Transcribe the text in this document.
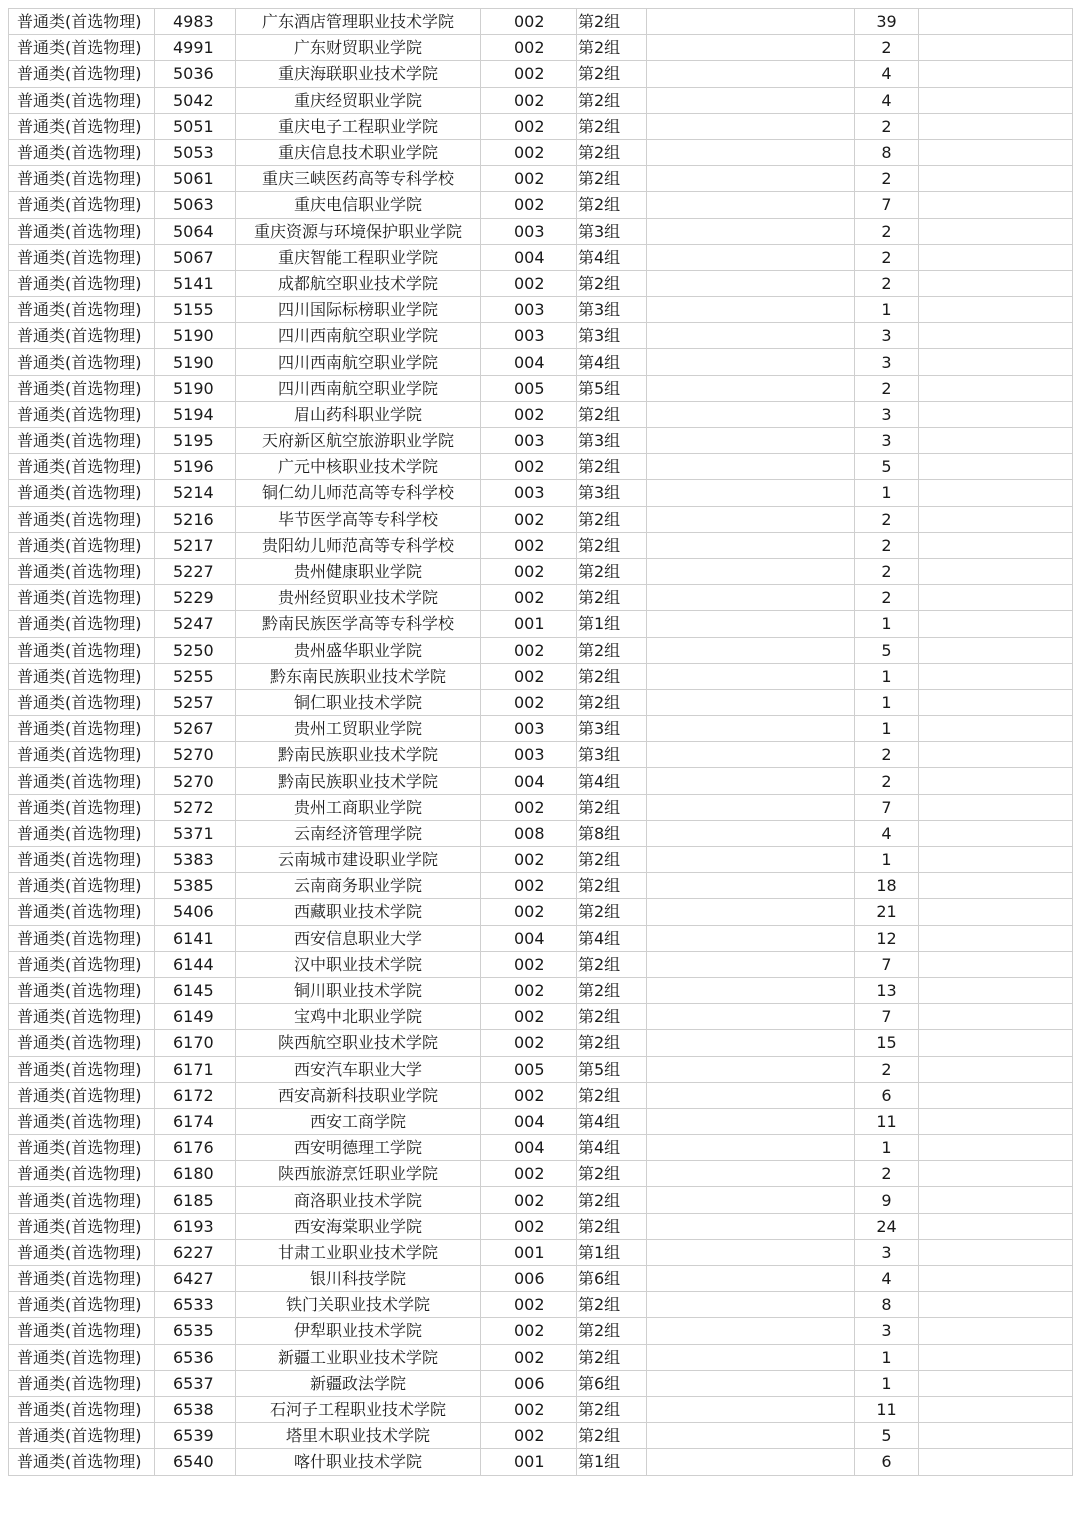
普通类(首选物理)	4983	广东酒店管理职业技术学院	002	第2组		39	
普通类(首选物理)	4991	广东财贸职业学院	002	第2组		2	
普通类(首选物理)	5036	重庆海联职业技术学院	002	第2组		4	
普通类(首选物理)	5042	重庆经贸职业学院	002	第2组		4	
普通类(首选物理)	5051	重庆电子工程职业学院	002	第2组		2	
普通类(首选物理)	5053	重庆信息技术职业学院	002	第2组		8	
普通类(首选物理)	5061	重庆三峡医药高等专科学校	002	第2组		2	
普通类(首选物理)	5063	重庆电信职业学院	002	第2组		7	
普通类(首选物理)	5064	重庆资源与环境保护职业学院	003	第3组		2	
普通类(首选物理)	5067	重庆智能工程职业学院	004	第4组		2	
普通类(首选物理)	5141	成都航空职业技术学院	002	第2组		2	
普通类(首选物理)	5155	四川国际标榜职业学院	003	第3组		1	
普通类(首选物理)	5190	四川西南航空职业学院	003	第3组		3	
普通类(首选物理)	5190	四川西南航空职业学院	004	第4组		3	
普通类(首选物理)	5190	四川西南航空职业学院	005	第5组		2	
普通类(首选物理)	5194	眉山药科职业学院	002	第2组		3	
普通类(首选物理)	5195	天府新区航空旅游职业学院	003	第3组		3	
普通类(首选物理)	5196	广元中核职业技术学院	002	第2组		5	
普通类(首选物理)	5214	铜仁幼儿师范高等专科学校	003	第3组		1	
普通类(首选物理)	5216	毕节医学高等专科学校	002	第2组		2	
普通类(首选物理)	5217	贵阳幼儿师范高等专科学校	002	第2组		2	
普通类(首选物理)	5227	贵州健康职业学院	002	第2组		2	
普通类(首选物理)	5229	贵州经贸职业技术学院	002	第2组		2	
普通类(首选物理)	5247	黔南民族医学高等专科学校	001	第1组		1	
普通类(首选物理)	5250	贵州盛华职业学院	002	第2组		5	
普通类(首选物理)	5255	黔东南民族职业技术学院	002	第2组		1	
普通类(首选物理)	5257	铜仁职业技术学院	002	第2组		1	
普通类(首选物理)	5267	贵州工贸职业学院	003	第3组		1	
普通类(首选物理)	5270	黔南民族职业技术学院	003	第3组		2	
普通类(首选物理)	5270	黔南民族职业技术学院	004	第4组		2	
普通类(首选物理)	5272	贵州工商职业学院	002	第2组		7	
普通类(首选物理)	5371	云南经济管理学院	008	第8组		4	
普通类(首选物理)	5383	云南城市建设职业学院	002	第2组		1	
普通类(首选物理)	5385	云南商务职业学院	002	第2组		18	
普通类(首选物理)	5406	西藏职业技术学院	002	第2组		21	
普通类(首选物理)	6141	西安信息职业大学	004	第4组		12	
普通类(首选物理)	6144	汉中职业技术学院	002	第2组		7	
普通类(首选物理)	6145	铜川职业技术学院	002	第2组		13	
普通类(首选物理)	6149	宝鸡中北职业学院	002	第2组		7	
普通类(首选物理)	6170	陕西航空职业技术学院	002	第2组		15	
普通类(首选物理)	6171	西安汽车职业大学	005	第5组		2	
普通类(首选物理)	6172	西安高新科技职业学院	002	第2组		6	
普通类(首选物理)	6174	西安工商学院	004	第4组		11	
普通类(首选物理)	6176	西安明德理工学院	004	第4组		1	
普通类(首选物理)	6180	陕西旅游烹饪职业学院	002	第2组		2	
普通类(首选物理)	6185	商洛职业技术学院	002	第2组		9	
普通类(首选物理)	6193	西安海棠职业学院	002	第2组		24	
普通类(首选物理)	6227	甘肃工业职业技术学院	001	第1组		3	
普通类(首选物理)	6427	银川科技学院	006	第6组		4	
普通类(首选物理)	6533	铁门关职业技术学院	002	第2组		8	
普通类(首选物理)	6535	伊犁职业技术学院	002	第2组		3	
普通类(首选物理)	6536	新疆工业职业技术学院	002	第2组		1	
普通类(首选物理)	6537	新疆政法学院	006	第6组		1	
普通类(首选物理)	6538	石河子工程职业技术学院	002	第2组		11	
普通类(首选物理)	6539	塔里木职业技术学院	002	第2组		5	
普通类(首选物理)	6540	喀什职业技术学院	001	第1组		6	
